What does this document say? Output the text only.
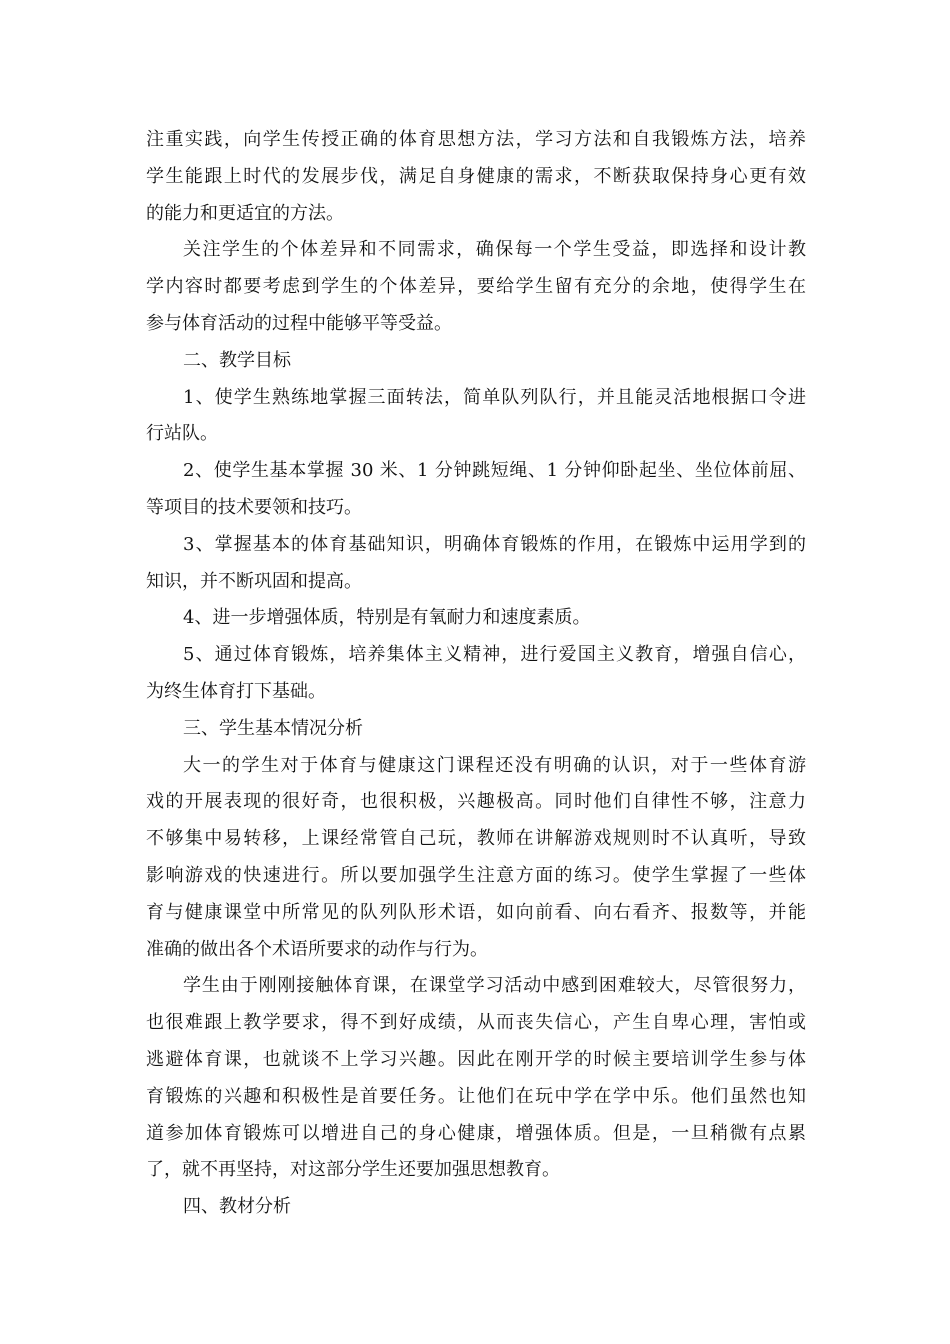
注重实践，向学生传授正确的体育思想方法，学习方法和自我锻炼方法，培养
学生能跟上时代的发展步伐，满足自身健康的需求，不断获取保持身心更有效
的能力和更适宜的方法。
关注学生的个体差异和不同需求，确保每一个学生受益，即选择和设计教
学内容时都要考虑到学生的个体差异，要给学生留有充分的余地，使得学生在
参与体育活动的过程中能够平等受益。
二、教学目标
1、使学生熟练地掌握三面转法，简单队列队行，并且能灵活地根据口令进
行站队。
2、使学生基本掌握 30 米、1 分钟跳短绳、1 分钟仰卧起坐、坐位体前屈、
等项目的技术要领和技巧。
3、掌握基本的体育基础知识，明确体育锻炼的作用，在锻炼中运用学到的
知识，并不断巩固和提高。
4、进一步增强体质，特别是有氧耐力和速度素质。
5、通过体育锻炼，培养集体主义精神，进行爱国主义教育，增强自信心，
为终生体育打下基础。
三、学生基本情况分析
大一的学生对于体育与健康这门课程还没有明确的认识，对于一些体育游
戏的开展表现的很好奇，也很积极，兴趣极高。同时他们自律性不够，注意力
不够集中易转移，上课经常管自己玩，教师在讲解游戏规则时不认真听，导致
影响游戏的快速进行。所以要加强学生注意方面的练习。使学生掌握了一些体
育与健康课堂中所常见的队列队形术语，如向前看、向右看齐、报数等，并能
准确的做出各个术语所要求的动作与行为。
学生由于刚刚接触体育课，在课堂学习活动中感到困难较大，尽管很努力，
也很难跟上教学要求，得不到好成绩，从而丧失信心，产生自卑心理，害怕或
逃避体育课，也就谈不上学习兴趣。因此在刚开学的时候主要培训学生参与体
育锻炼的兴趣和积极性是首要任务。让他们在玩中学在学中乐。他们虽然也知
道参加体育锻炼可以增进自己的身心健康，增强体质。但是，一旦稍微有点累
了，就不再坚持，对这部分学生还要加强思想教育。
四、教材分析
